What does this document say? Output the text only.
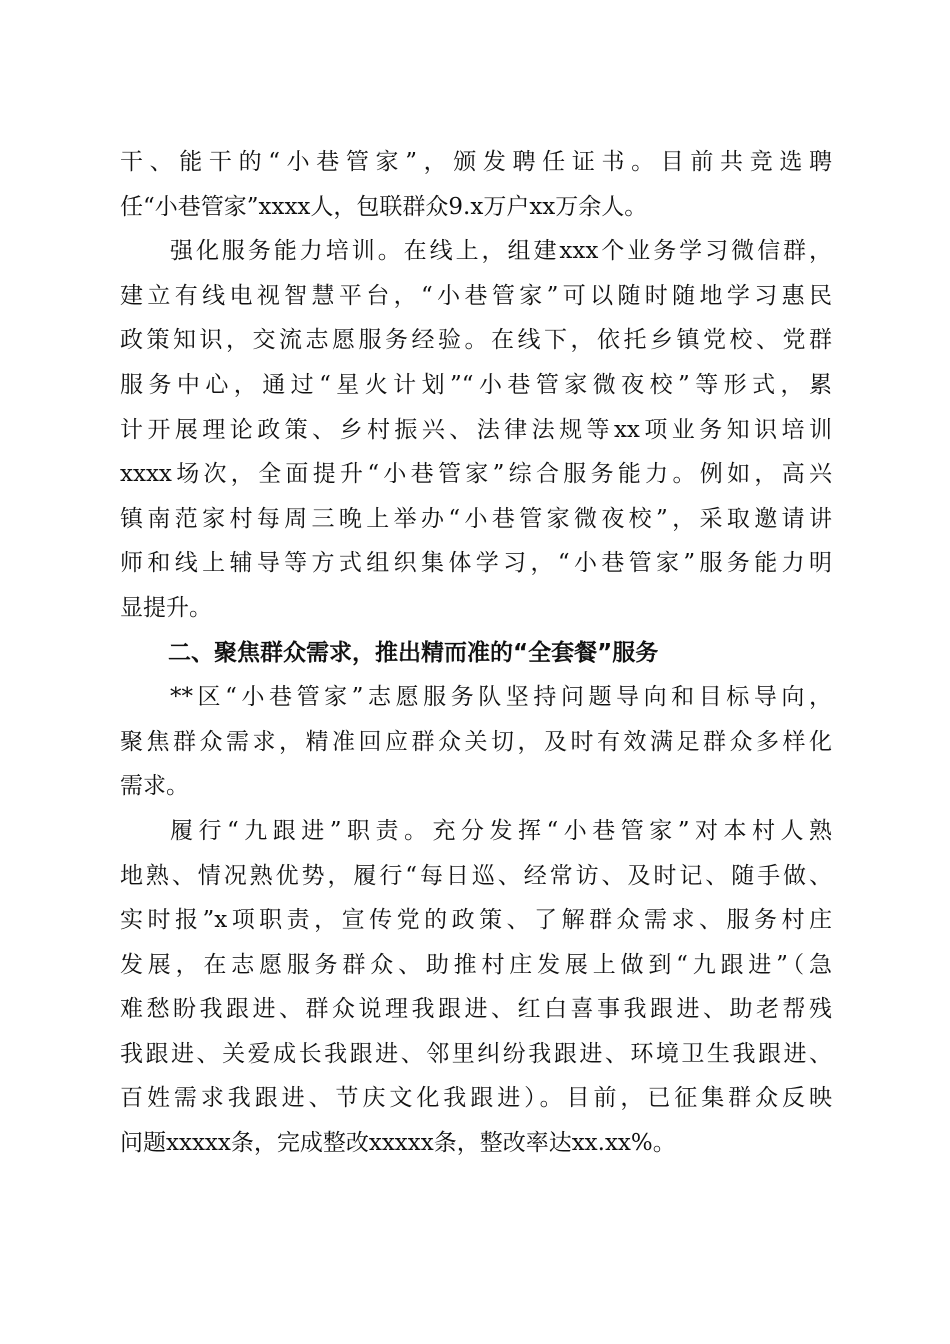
干、能干的“小巷管家”，颁发聘任证书。目前共竞选聘
任“小巷管家”xxxx人，包联群众9.x万户xx万余人。
强化服务能力培训。在线上，组建xxx个业务学习微信群，
建立有线电视智慧平台，“小巷管家”可以随时随地学习惠民
政策知识，交流志愿服务经验。在线下，依托乡镇党校、党群
服务中心，通过“星火计划”“小巷管家微夜校”等形式，累
计开展理论政策、乡村振兴、法律法规等xx项业务知识培训
xxxx场次，全面提升“小巷管家”综合服务能力。例如，高兴
镇南范家村每周三晚上举办“小巷管家微夜校”，采取邀请讲
师和线上辅导等方式组织集体学习，“小巷管家”服务能力明
显提升。
二、聚焦群众需求，推出精而准的“全套餐”服务
**区“小巷管家”志愿服务队坚持问题导向和目标导向，
聚焦群众需求，精准回应群众关切，及时有效满足群众多样化
需求。
履行“九跟进”职责。充分发挥“小巷管家”对本村人熟
地熟、情况熟优势，履行“每日巡、经常访、及时记、随手做、
实时报”x项职责，宣传党的政策、了解群众需求、服务村庄
发展，在志愿服务群众、助推村庄发展上做到“九跟进”（急
难愁盼我跟进、群众说理我跟进、红白喜事我跟进、助老帮残
我跟进、关爱成长我跟进、邻里纠纷我跟进、环境卫生我跟进、
百姓需求我跟进、节庆文化我跟进）。目前，已征集群众反映
问题xxxxx条，完成整改xxxxx条，整改率达xx.xx%。
